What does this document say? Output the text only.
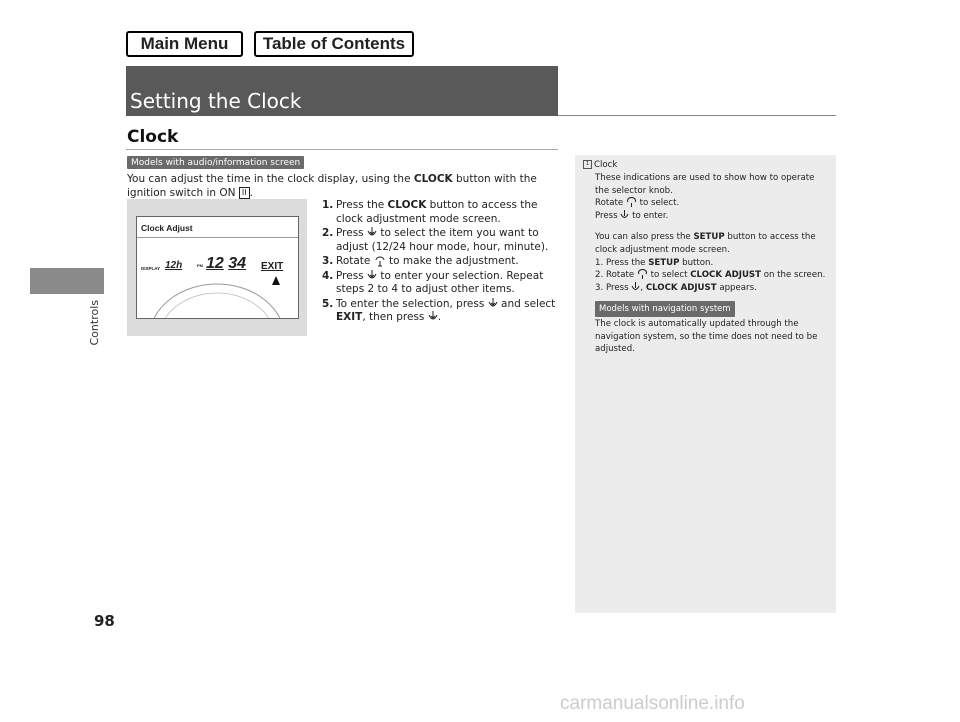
Main Menu	Table of Contents
Controls
Setting the Clock
Clock
Models with audio/information screen
You can adjust the time in the clock display, using the CLOCK button with the ignition switch in ON II .
Clock Adjust
DISPLAY 12h	PM 12 34 EXIT
1. Press the CLOCK button to access the clock adjustment mode screen.
2. Press  to select the item you want to adjust (12/24 hour mode, hour, minute).
3. Rotate  to make the adjustment.
4. Press  to enter your selection. Repeat steps 2 to 4 to adjust other items.
5. To enter the selection, press  and select EXIT, then press .

1 Clock

These indications are used to show how to operate the selector knob.

Rotate  to select.

Press  to enter.

You can also press the SETUP button to access the clock adjustment mode screen.

1. Press the SETUP button.
2. Rotate  to select CLOCK ADJUST on the screen.
3. Press , CLOCK ADJUST appears.
Models with navigation system

The clock is automatically updated through the navigation system, so the time does not need to be adjusted.

98
carmanualsonline.info
